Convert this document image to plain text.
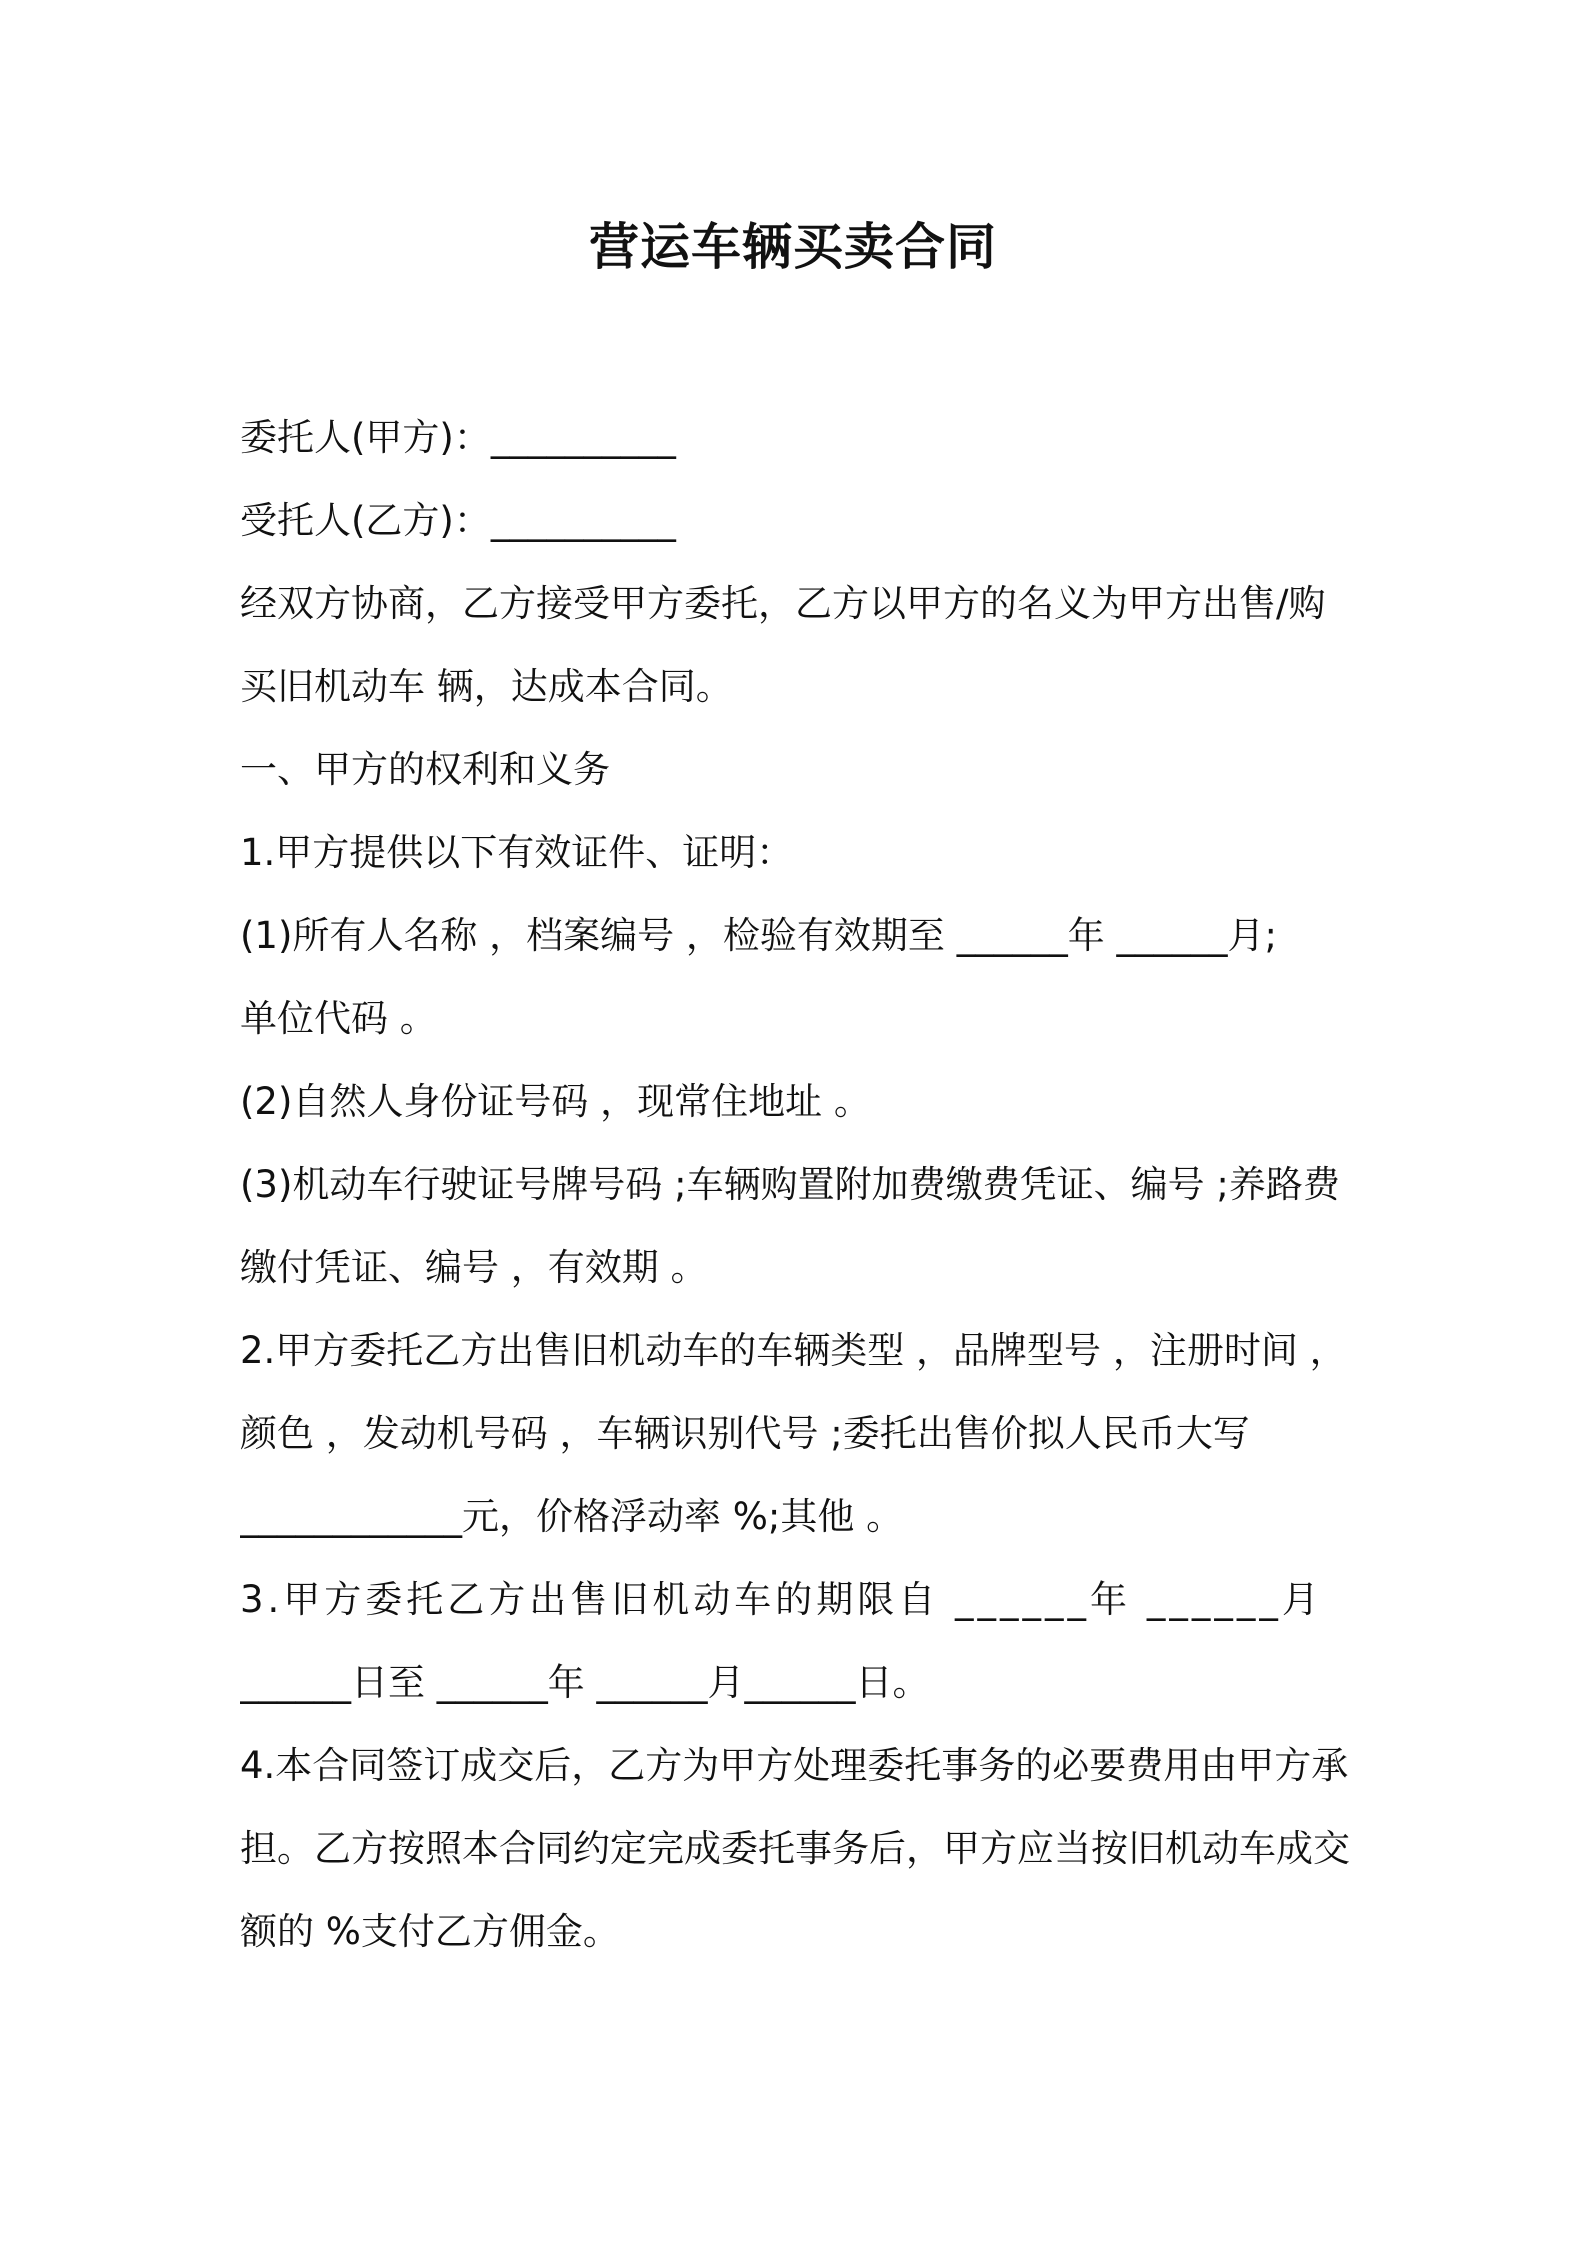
营运车辆买卖合同
委托人(甲方)：__________
受托人(乙方)：__________
经双方协商，乙方接受甲方委托，乙方以甲方的名义为甲方出售/购
买旧机动车 辆，达成本合同。
一、甲方的权利和义务
1.甲方提供以下有效证件、证明：
(1)所有人名称 ，档案编号 ，检验有效期至 ______年 ______月;
单位代码 。
(2)自然人身份证号码 ，现常住地址 。
(3)机动车行驶证号牌号码 ;车辆购置附加费缴费凭证、编号 ;养路费
缴付凭证、编号 ，有效期 。
2.甲方委托乙方出售旧机动车的车辆类型 ，品牌型号 ，注册时间 ，
颜色 ，发动机号码 ，车辆识别代号 ;委托出售价拟人民币大写
____________元，价格浮动率 %;其他 。
3.甲方委托乙方出售旧机动车的期限自 ______年 ______月
______日至 ______年 ______月______日。
4.本合同签订成交后，乙方为甲方处理委托事务的必要费用由甲方承
担。乙方按照本合同约定完成委托事务后，甲方应当按旧机动车成交
额的 %支付乙方佣金。
